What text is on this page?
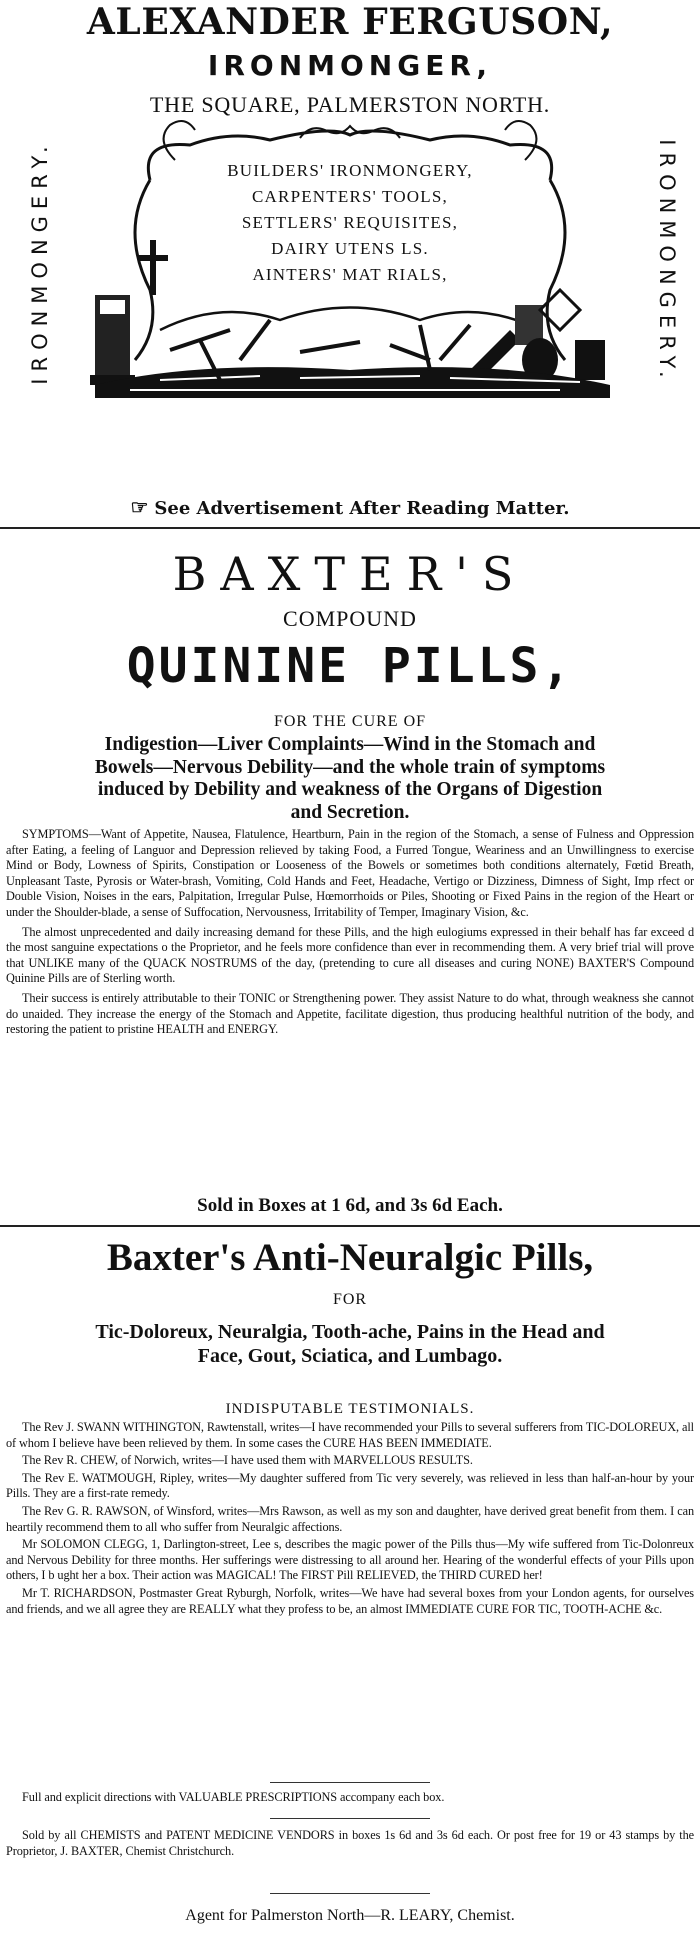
ALEXANDER FERGUSON,
IRONMONGER,
THE SQUARE, PALMERSTON NORTH.
IRONMONGERY.	IRONMONGERY.
BUILDERS' IRONMONGERY,
CARPENTERS' TOOLS,
SETTLERS' REQUISITES,
DAIRY UTENS LS.
AINTERS' MAT RIALS,
☞ See Advertisement After Reading Matter.
BAXTER'S
COMPOUND
QUININE PILLS,
FOR THE CURE OF
Indigestion—Liver Complaints—Wind in the Stomach and
Bowels—Nervous Debility—and the whole train of symptoms
induced by Debility and weakness of the Organs of Digestion
and Secretion.

SYMPTOMS—Want of Appetite, Nausea, Flatulence, Heartburn, Pain in the region of the Stomach, a sense of Fulness and Oppression after Eating, a feeling of Languor and Depression relieved by taking Food, a Furred Tongue, Weariness and an Unwillingness to exercise Mind or Body, Lowness of Spirits, Constipation or Looseness of the Bowels or sometimes both conditions alternately, Fœtid Breath, Unpleasant Taste, Pyrosis or Water-brash, Vomiting, Cold Hands and Feet, Headache, Vertigo or Dizziness, Dimness of Sight, Imp rfect or Double Vision, Noises in the ears, Palpitation, Irregular Pulse, Hœmorrhoids or Piles, Shooting or Fixed Pains in the region of the Heart or under the Shoulder-blade, a sense of Suffocation, Nervousness, Irritability of Temper, Imaginary Vision, &c.

The almost unprecedented and daily increasing demand for these Pills, and the high eulogiums expressed in their behalf has far exceed d the most sanguine expectations o the Proprietor, and he feels more confidence than ever in recommending them. A very brief trial will prove that UNLIKE many of the QUACK NOSTRUMS of the day, (pretending to cure all diseases and curing NONE) BAXTER'S Compound Quinine Pills are of Sterling worth.

Their success is entirely attributable to their TONIC or Strengthening power. They assist Nature to do what, through weakness she cannot do unaided. They increase the energy of the Stomach and Appetite, facilitate digestion, thus producing healthful nutrition of the body, and restoring the patient to pristine HEALTH and ENERGY.

Sold in Boxes at 1 6d, and 3s 6d Each.
Baxter's Anti-Neuralgic Pills,
FOR
Tic-Doloreux, Neuralgia, Tooth-ache, Pains in the Head and
Face, Gout, Sciatica, and Lumbago.
INDISPUTABLE TESTIMONIALS.

The Rev J. SWANN WITHINGTON, Rawtenstall, writes—I have recommended your Pills to several sufferers from TIC-DOLOREUX, all of whom I believe have been relieved by them. In some cases the CURE HAS BEEN IMMEDIATE.

The Rev R. CHEW, of Norwich, writes—I have used them with MARVELLOUS RESULTS.

The Rev E. WATMOUGH, Ripley, writes—My daughter suffered from Tic very severely, was relieved in less than half-an-hour by your Pills. They are a first-rate remedy.

The Rev G. R. RAWSON, of Winsford, writes—Mrs Rawson, as well as my son and daughter, have derived great benefit from them. I can heartily recommend them to all who suffer from Neuralgic affections.

Mr SOLOMON CLEGG, 1, Darlington-street, Lee s, describes the magic power of the Pills thus—My wife suffered from Tic-Dolonreux and Nervous Debility for three months. Her sufferings were distressing to all around her. Hearing of the wonderful effects of your Pills upon others, I b ught her a box. Their action was MAGICAL! The FIRST Pill RELIEVED, the THIRD CURED her!

Mr T. RICHARDSON, Postmaster Great Ryburgh, Norfolk, writes—We have had several boxes from your London agents, for ourselves and friends, and we all agree they are REALLY what they profess to be, an almost IMMEDIATE CURE FOR TIC, TOOTH-ACHE &c.

Full and explicit directions with VALUABLE PRESCRIPTIONS accompany each box.

Sold by all CHEMISTS and PATENT MEDICINE VENDORS in boxes 1s 6d and 3s 6d each. Or post free for 19 or 43 stamps by the Proprietor, J. BAXTER, Chemist Christchurch.

Agent for Palmerston North—R. LEARY, Chemist.
